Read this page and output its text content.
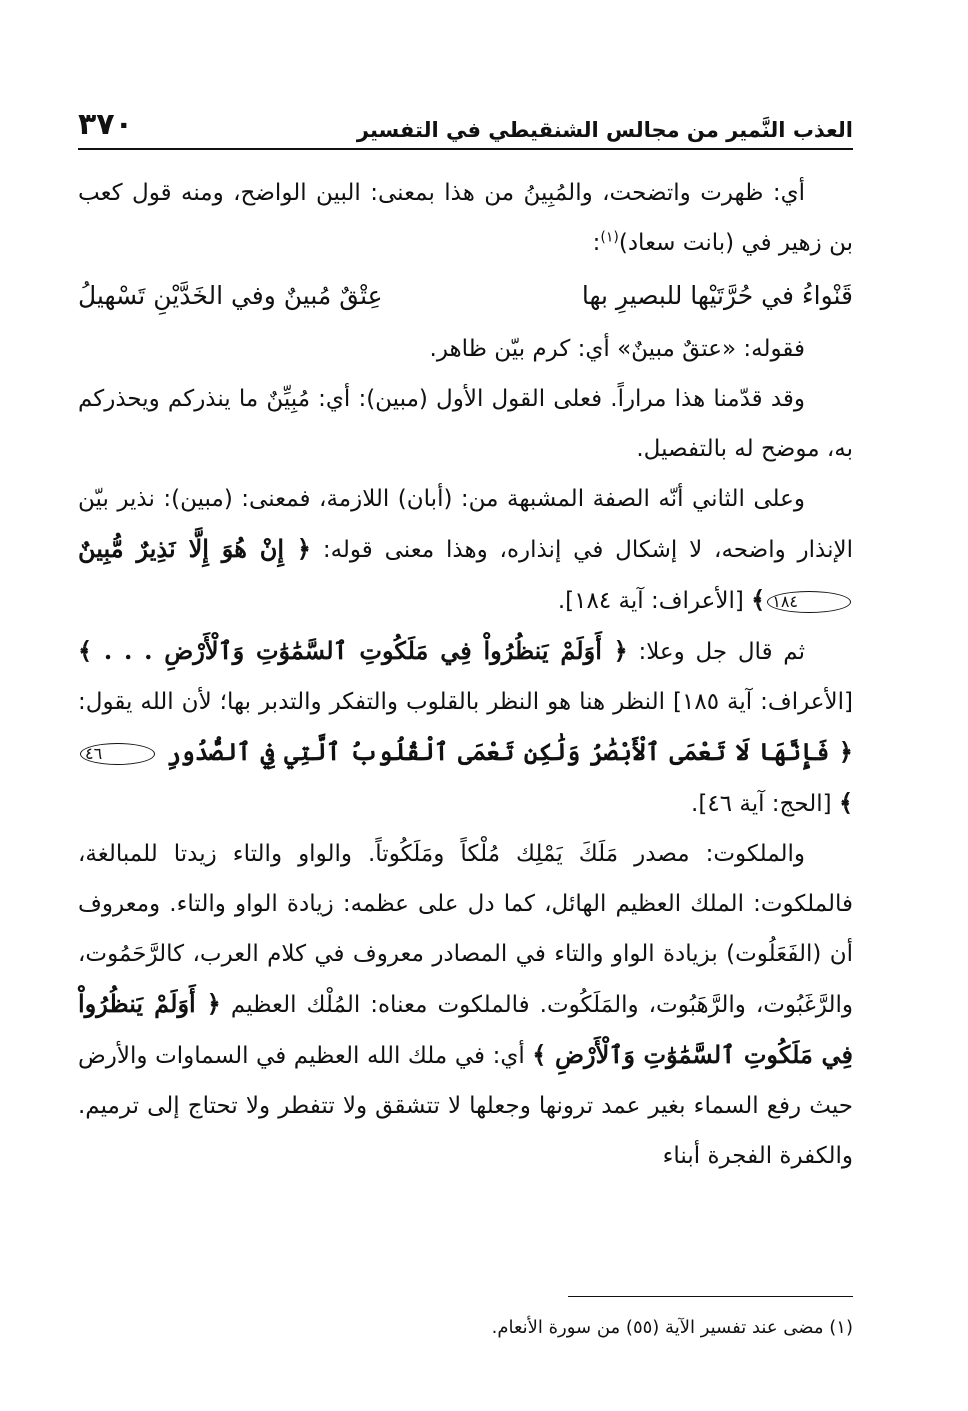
العذب النَّمير من مجالس الشنقيطي في التفسير
٣٧٠

أي: ظهرت واتضحت، والمُبِينُ من هذا بمعنى: البين الواضح، ومنه قول كعب بن زهير في (بانت سعاد)$^{(١)}$:

قَنْواءُ في حُرَّتَيْها للبصيرِ بها
عِتْقٌ مُبينٌ وفي الخَدَّيْنِ تَسْهيلُ

فقوله: «عتقٌ مبينٌ» أي: كرم بيّن ظاهر.

وقد قدّمنا هذا مراراً. فعلى القول الأول (مبين): أي: مُبِيِّنٌ ما ينذركم ويحذركم به، موضح له بالتفصيل.

وعلى الثاني أنّه الصفة المشبهة من: (أبان) اللازمة، فمعنى: (مبين): نذير بيّن الإنذار واضحه، لا إشكال في إنذاره، وهذا معنى قوله: ﴿ إِنْ هُوَ إِلَّا نَذِيرٌ مُّبِينٌ ١٨٤﴾ [الأعراف: آية ١٨٤].

ثم قال جل وعلا: ﴿ أَوَلَمْ يَنظُرُواْ فِي مَلَكُوتِ ٱلسَّمَٰوَٰتِ وَٱلْأَرْضِ . . . ﴾ [الأعراف: آية ١٨٥] النظر هنا هو النظر بالقلوب والتفكر والتدبر بها؛ لأن الله يقول: ﴿ فَإِنَّهَا لَا تَعْمَى ٱلْأَبْصَٰرُ وَلَٰكِن تَعْمَى ٱلْقُلُوبُ ٱلَّتِي فِي ٱلصُّدُورِ ٤٦﴾ [الحج: آية ٤٦].

والملكوت: مصدر مَلَكَ يَمْلِك مُلْكاً ومَلَكُوتاً. والواو والتاء زيدتا للمبالغة، فالملكوت: الملك العظيم الهائل، كما دل على عظمه: زيادة الواو والتاء. ومعروف أن (الفَعَلُوت) بزيادة الواو والتاء في المصادر معروف في كلام العرب، كالرَّحَمُوت، والرَّغَبُوت، والرَّهَبُوت، والمَلَكُوت. فالملكوت معناه: المُلْك العظيم ﴿ أَوَلَمْ يَنظُرُواْ فِي مَلَكُوتِ ٱلسَّمَٰوَٰتِ وَٱلْأَرْضِ ﴾ أي: في ملك الله العظيم في السماوات والأرض حيث رفع السماء بغير عمد ترونها وجعلها لا تتشقق ولا تتفطر ولا تحتاج إلى ترميم. والكفرة الفجرة أبناء

(١) مضى عند تفسير الآية (٥٥) من سورة الأنعام.
